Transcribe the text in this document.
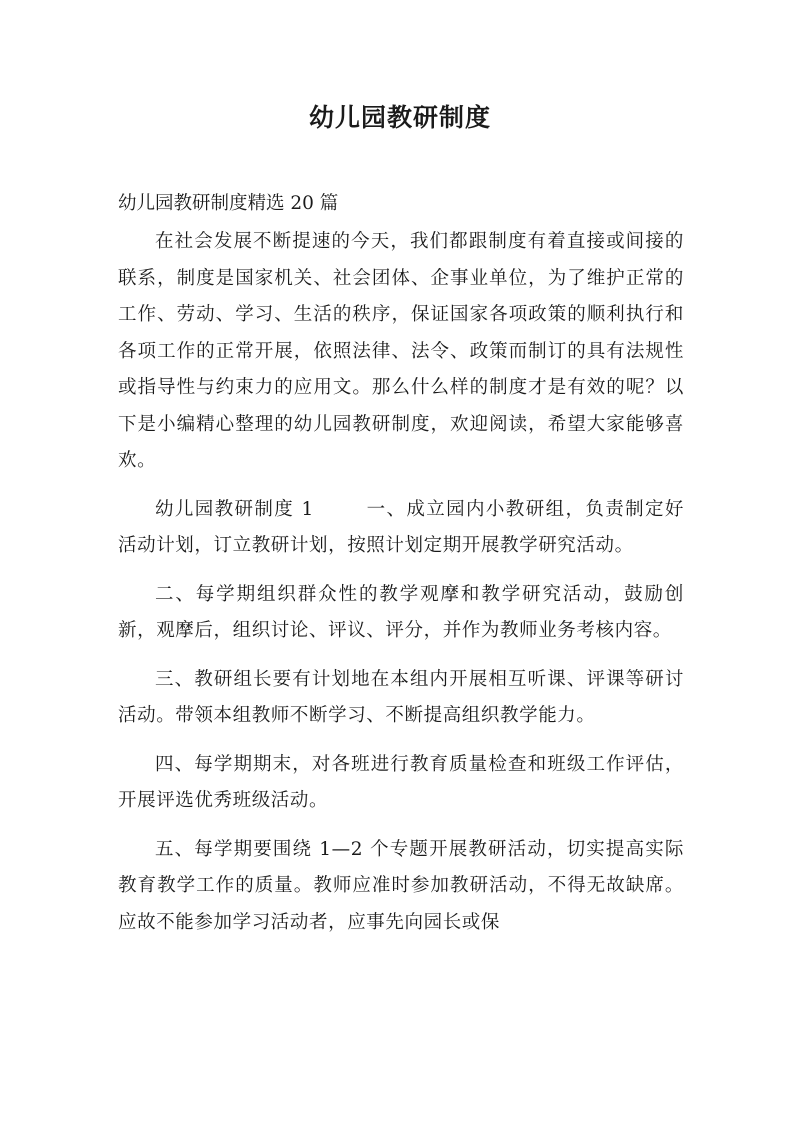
幼儿园教研制度

幼儿园教研制度精选 20 篇

在社会发展不断提速的今天，我们都跟制度有着直接或间接的联系，制度是国家机关、社会团体、企事业单位，为了维护正常的工作、劳动、学习、生活的秩序，保证国家各项政策的顺利执行和各项工作的正常开展，依照法律、法令、政策而制订的具有法规性或指导性与约束力的应用文。那么什么样的制度才是有效的呢？以下是小编精心整理的幼儿园教研制度，欢迎阅读，希望大家能够喜欢。

幼儿园教研制度 1	一、成立园内小教研组，负责制定好活动计划，订立教研计划，按照计划定期开展教学研究活动。

二、每学期组织群众性的教学观摩和教学研究活动，鼓励创新，观摩后，组织讨论、评议、评分，并作为教师业务考核内容。

三、教研组长要有计划地在本组内开展相互听课、评课等研讨活动。带领本组教师不断学习、不断提高组织教学能力。

四、每学期期末，对各班进行教育质量检查和班级工作评估，开展评选优秀班级活动。

五、每学期要围绕 1—2 个专题开展教研活动，切实提高实际教育教学工作的质量。教师应准时参加教研活动，不得无故缺席。应故不能参加学习活动者，应事先向园长或保
